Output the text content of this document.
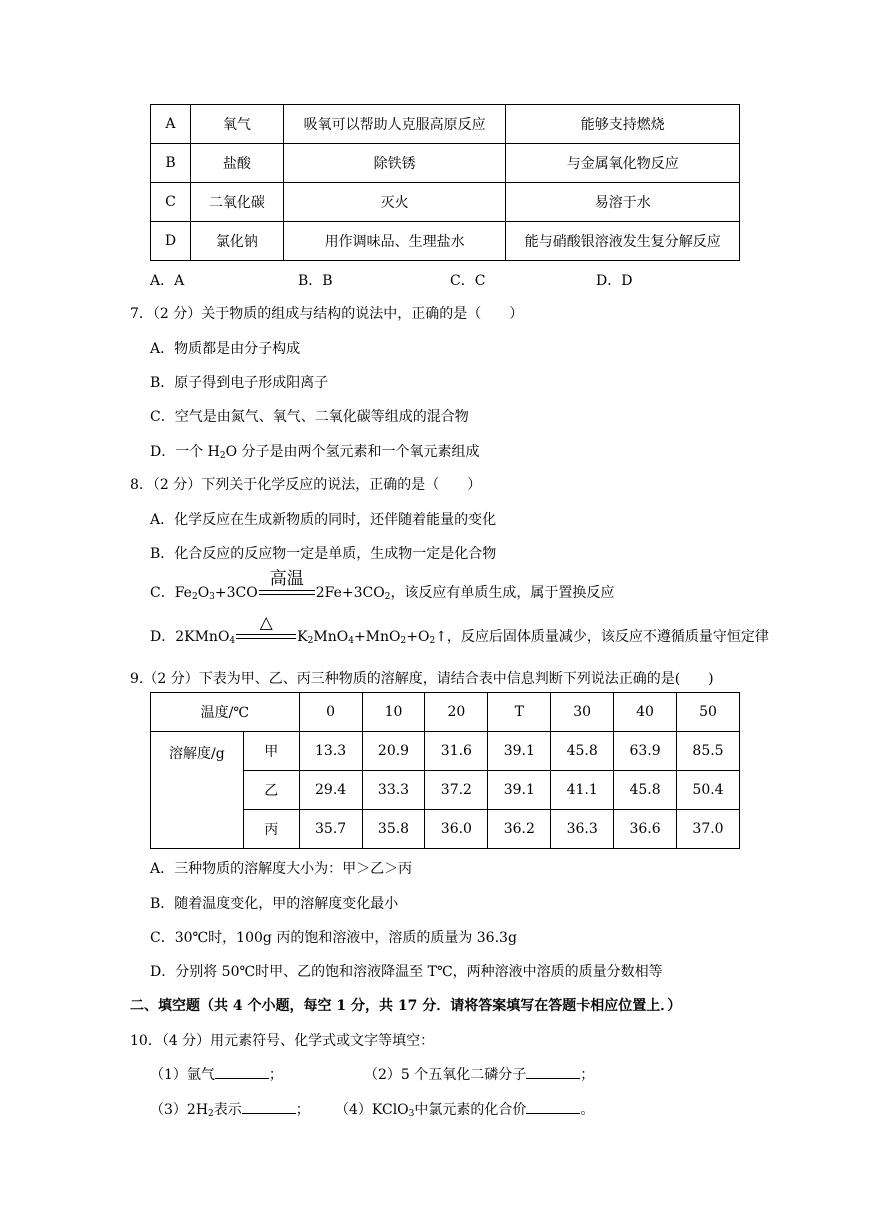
A	氧气	吸氧可以帮助人克服高原反应	能够支持燃烧
B	盐酸	除铁锈	与金属氧化物反应
C	二氧化碳	灭火	易溶于水
D	氯化钠	用作调味品、生理盐水	能与硝酸银溶液发生复分解反应
A．A	B．B	C．C	D．D
7．（2 分）关于物质的组成与结构的说法中，正确的是（　　）
A．物质都是由分子构成
B．原子得到电子形成阳离子
C．空气是由氮气、氧气、二氧化碳等组成的混合物
D．一个 $H_2O$ 分子是由两个氢元素和一个氧元素组成
8．（2 分）下列关于化学反应的说法，正确的是（　　）
A．化学反应在生成新物质的同时，还伴随着能量的变化
B．化合反应的反应物一定是单质，生成物一定是化合物
C．$Fe_2O_3+3CO$
高温
$2Fe+3CO_2$，该反应有单质生成，属于置换反应
D．2KMnO$_4$
△
$K_2MnO_4+MnO_2+O_2↑$，反应后固体质量减少，该反应不遵循质量守恒定律
9.（2 分）下表为甲、乙、丙三种物质的溶解度，请结合表中信息判断下列说法正确的是(　　)
温度/℃		0	10	20	T	30	40	50
溶解度/g	甲	13.3	20.9	31.6	39.1	45.8	63.9	85.5
	乙	29.4	33.3	37.2	39.1	41.1	45.8	50.4
	丙	35.7	35.8	36.0	36.2	36.3	36.6	37.0
A．三种物质的溶解度大小为：甲＞乙＞丙
B．随着温度变化，甲的溶解度变化最小
C．30℃时，100g 丙的饱和溶液中，溶质的质量为 36.3g
D．分别将 50℃时甲、乙的饱和溶液降温至 T℃，两种溶液中溶质的质量分数相等
二、填空题（共 4 个小题，每空 1 分，共 17 分．请将答案填写在答题卡相应位置上．）
10．（4 分）用元素符号、化学式或文字等填空：
（1）氩气	；	（2）5 个五氧化二磷分子	；
$(3)2H_2$表示	； （4）KClO$_3$中氯元素的化合价	。
